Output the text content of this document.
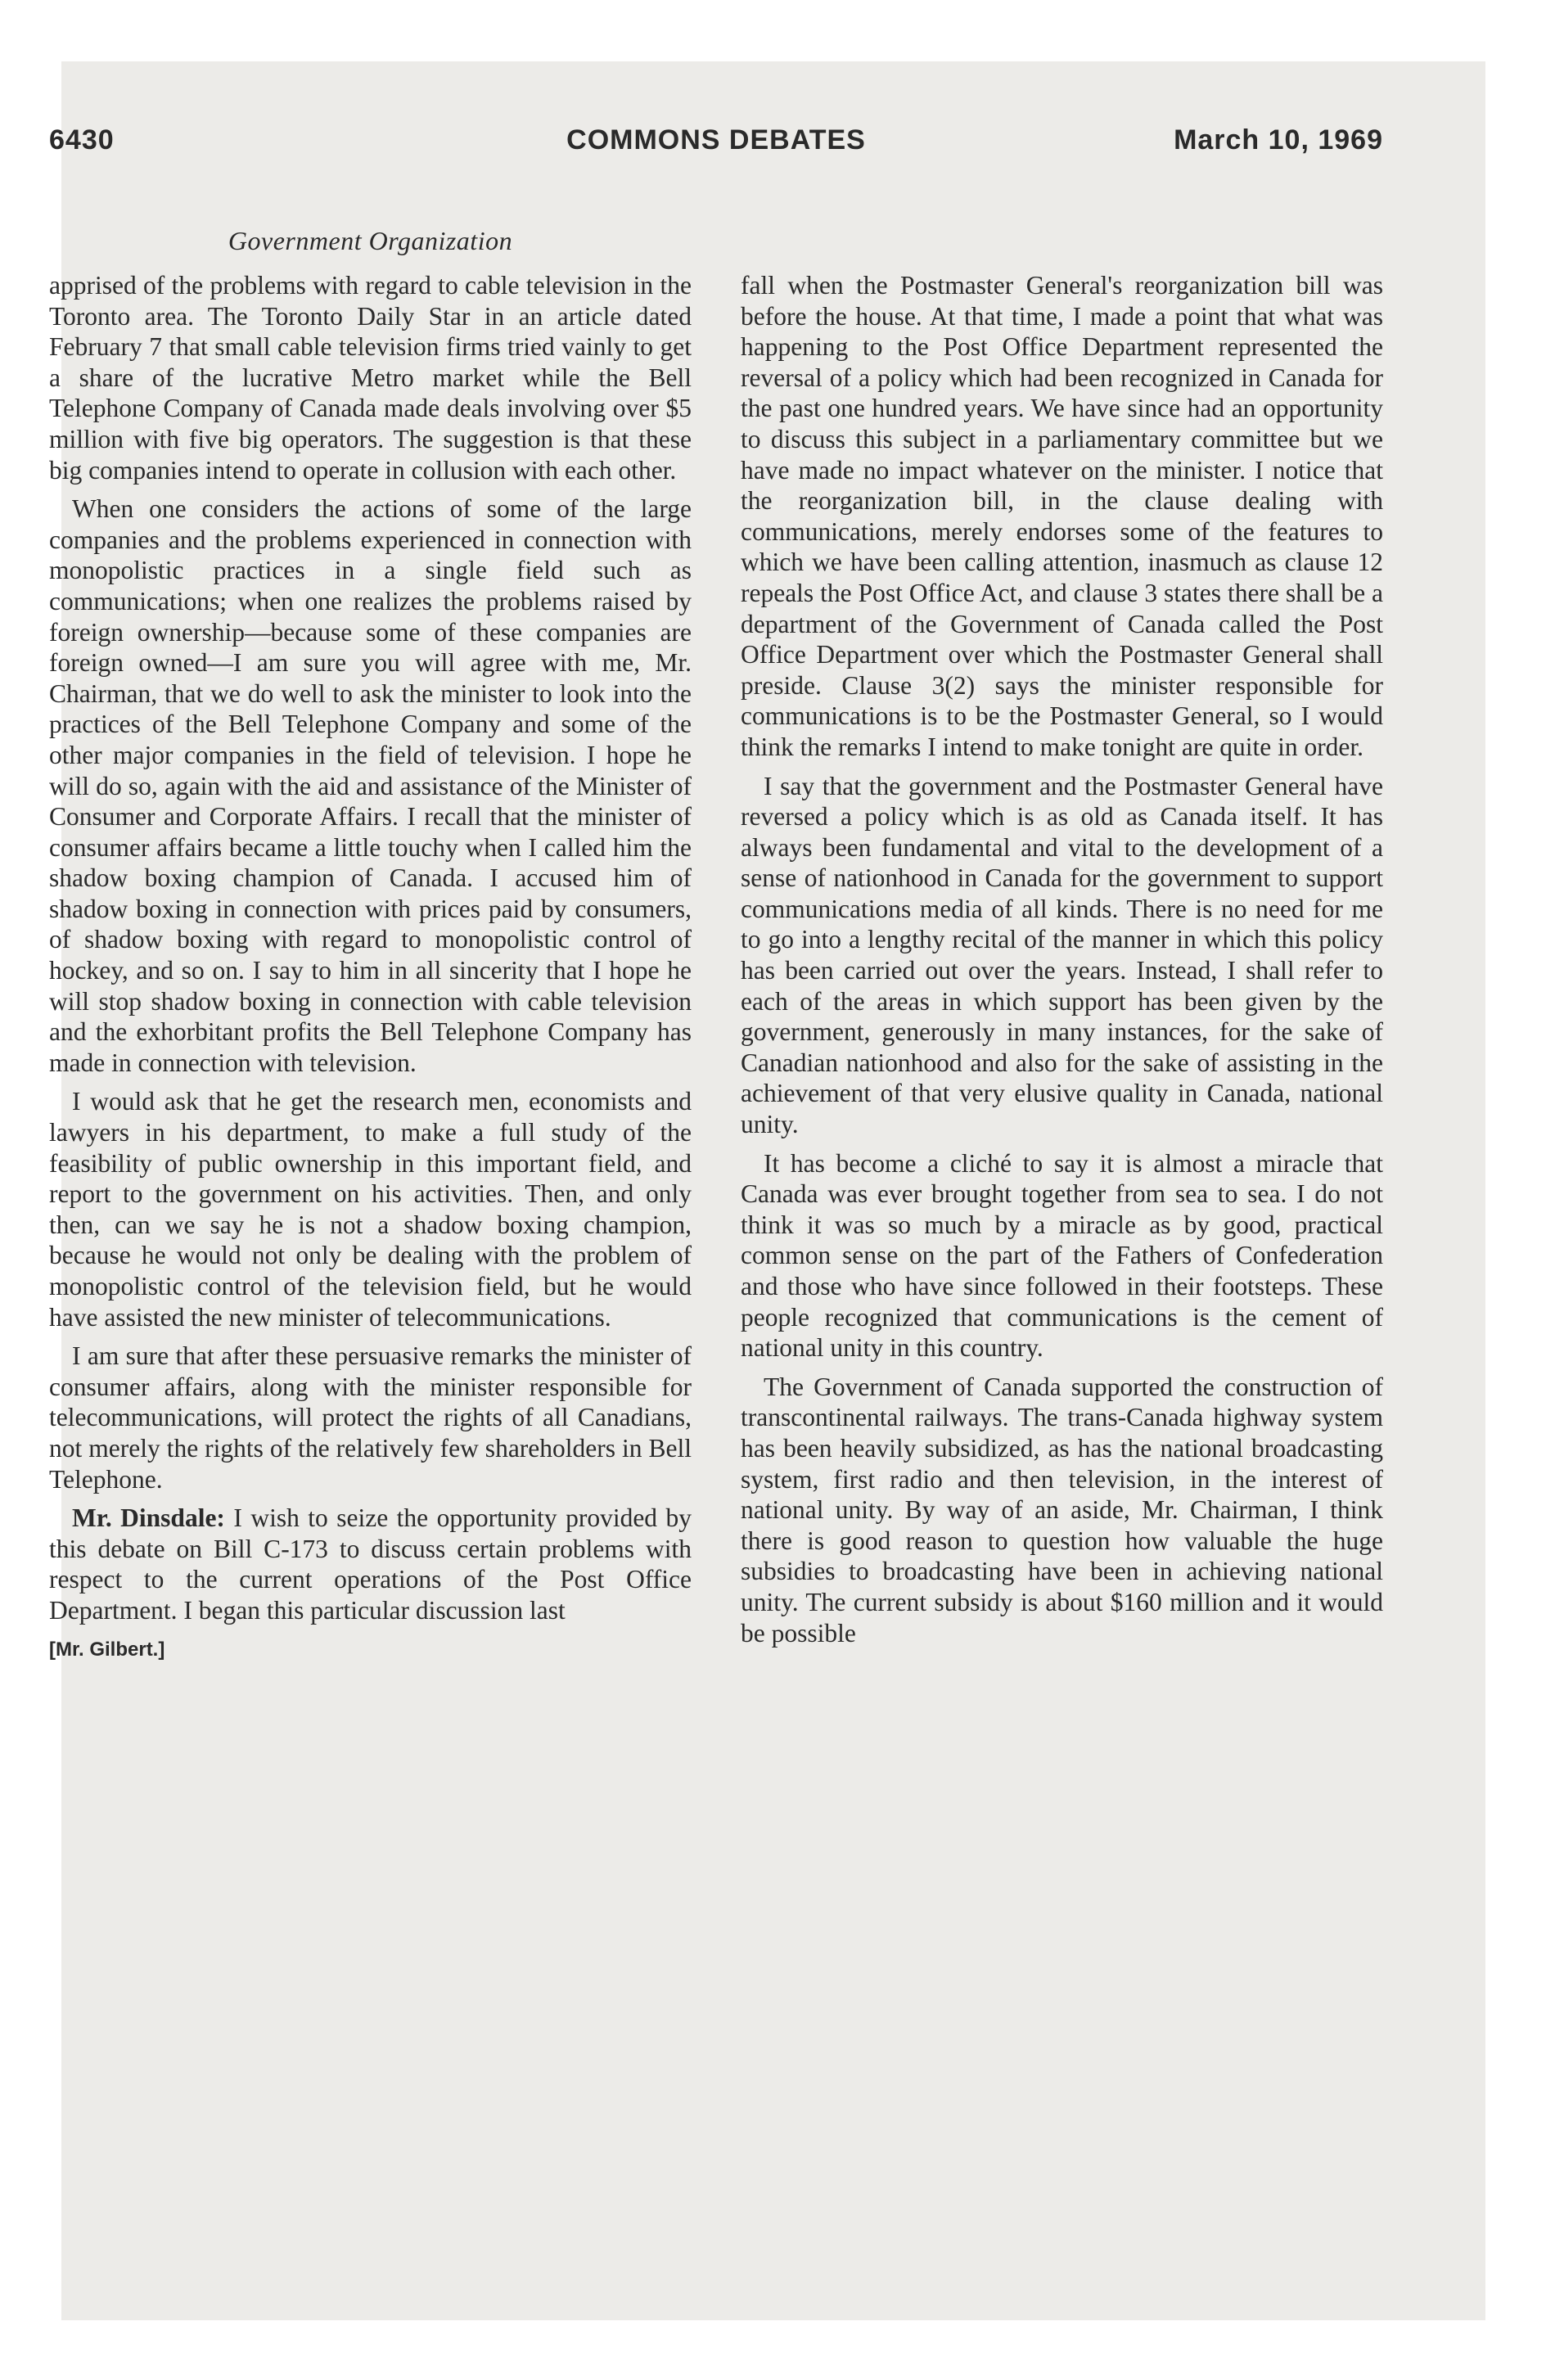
6430	COMMONS DEBATES	March 10, 1969

Government Organization

apprised of the problems with regard to cable television in the Toronto area. The Toronto Daily Star in an article dated February 7 that small cable television firms tried vainly to get a share of the lucrative Metro market while the Bell Telephone Company of Canada made deals involving over $5 million with five big operators. The suggestion is that these big companies intend to operate in collusion with each other.

When one considers the actions of some of the large companies and the problems experienced in connection with monopolistic practices in a single field such as communications; when one realizes the problems raised by foreign ownership—because some of these companies are foreign owned—I am sure you will agree with me, Mr. Chairman, that we do well to ask the minister to look into the practices of the Bell Telephone Company and some of the other major companies in the field of television. I hope he will do so, again with the aid and assistance of the Minister of Consumer and Corporate Affairs. I recall that the minister of consumer affairs became a little touchy when I called him the shadow boxing champion of Canada. I accused him of shadow boxing in connection with prices paid by consumers, of shadow boxing with regard to monopolistic control of hockey, and so on. I say to him in all sincerity that I hope he will stop shadow boxing in connection with cable television and the exhorbitant profits the Bell Telephone Company has made in connection with television.

I would ask that he get the research men, economists and lawyers in his department, to make a full study of the feasibility of public ownership in this important field, and report to the government on his activities. Then, and only then, can we say he is not a shadow boxing champion, because he would not only be dealing with the problem of monopolistic control of the television field, but he would have assisted the new minister of telecommunications.

I am sure that after these persuasive remarks the minister of consumer affairs, along with the minister responsible for telecommunications, will protect the rights of all Canadians, not merely the rights of the relatively few shareholders in Bell Telephone.

Mr. Dinsdale: I wish to seize the opportunity provided by this debate on Bill C-173 to discuss certain problems with respect to the current operations of the Post Office Department. I began this particular discussion last

[Mr. Gilbert.]

fall when the Postmaster General's reorganization bill was before the house. At that time, I made a point that what was happening to the Post Office Department represented the reversal of a policy which had been recognized in Canada for the past one hundred years. We have since had an opportunity to discuss this subject in a parliamentary committee but we have made no impact whatever on the minister. I notice that the reorganization bill, in the clause dealing with communications, merely endorses some of the features to which we have been calling attention, inasmuch as clause 12 repeals the Post Office Act, and clause 3 states there shall be a department of the Government of Canada called the Post Office Department over which the Postmaster General shall preside. Clause 3(2) says the minister responsible for communications is to be the Postmaster General, so I would think the remarks I intend to make tonight are quite in order.

I say that the government and the Postmaster General have reversed a policy which is as old as Canada itself. It has always been fundamental and vital to the development of a sense of nationhood in Canada for the government to support communications media of all kinds. There is no need for me to go into a lengthy recital of the manner in which this policy has been carried out over the years. Instead, I shall refer to each of the areas in which support has been given by the government, generously in many instances, for the sake of Canadian nationhood and also for the sake of assisting in the achievement of that very elusive quality in Canada, national unity.

It has become a cliché to say it is almost a miracle that Canada was ever brought together from sea to sea. I do not think it was so much by a miracle as by good, practical common sense on the part of the Fathers of Confederation and those who have since followed in their footsteps. These people recognized that communications is the cement of national unity in this country.

The Government of Canada supported the construction of transcontinental railways. The trans-Canada highway system has been heavily subsidized, as has the national broadcasting system, first radio and then television, in the interest of national unity. By way of an aside, Mr. Chairman, I think there is good reason to question how valuable the huge subsidies to broadcasting have been in achieving national unity. The current subsidy is about $160 million and it would be possible
